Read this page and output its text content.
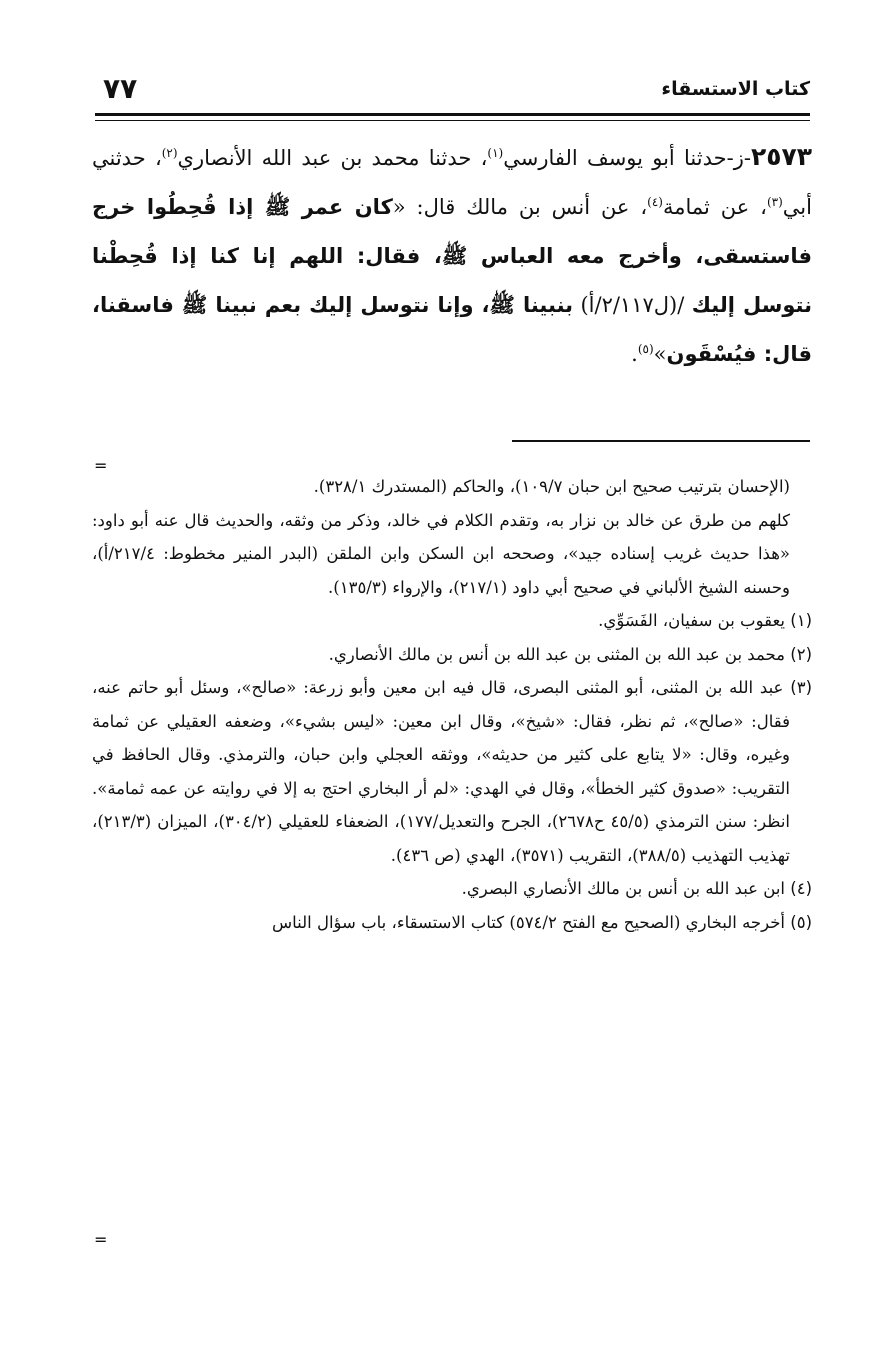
٧٧	كتاب الاستسقاء

٢٥٧٣-ز-حدثنا أبو يوسف الفارسي$^{(١)}$، حدثنا محمد بن عبد الله الأنصاري$^{(٢)}$، حدثني أبي$^{(٣)}$، عن ثمامة$^{(٤)}$، عن أنس بن مالك قال: «كان عمر ﷺ إذا قُحِطُوا خرج فاستسقى، وأخرج معه العباس ﷺ، فقال: اللهم إنا كنا إذا قُحِطْنا نتوسل إليك /(ل٢/١١٧/أ) بنبينا ﷺ، وإنا نتوسل إليك بعم نبينا ﷺ فاسقنا، قال: فيُسْقَون»$^{(٥)}$.

=

(الإحسان بترتيب صحيح ابن حبان ١٠٩/٧)، والحاكم (المستدرك ٣٢٨/١).

كلهم من طرق عن خالد بن نزار به، وتقدم الكلام في خالد، وذكر من وثقه، والحديث قال عنه أبو داود: «هذا حديث غريب إسناده جيد»، وصححه ابن السكن وابن الملقن (البدر المنير مخطوط: ٢١٧/٤/أ)، وحسنه الشيخ الألباني في صحيح أبي داود (٢١٧/١)، والإرواء (١٣٥/٣).

(١) يعقوب بن سفيان، الفَسَوِّي.

(٢) محمد بن عبد الله بن المثنى بن عبد الله بن أنس بن مالك الأنصاري.

(٣) عبد الله بن المثنى، أبو المثنى البصرى، قال فيه ابن معين وأبو زرعة: «صالح»، وسئل أبو حاتم عنه، فقال: «صالح»، ثم نظر، فقال: «شيخ»، وقال ابن معين: «ليس بشيء»، وضعفه العقيلي عن ثمامة وغيره، وقال: «لا يتابع على كثير من حديثه»، ووثقه العجلي وابن حبان، والترمذي. وقال الحافظ في التقريب: «صدوق كثير الخطأ»، وقال في الهدي: «لم أر البخاري احتج به إلا في روايته عن عمه ثمامة». انظر: سنن الترمذي (٤٥/٥ ح٢٦٧٨)، الجرح والتعديل/١٧٧)، الضعفاء للعقيلي (٣٠٤/٢)، الميزان (٢١٣/٣)، تهذيب التهذيب (٣٨٨/٥)، التقريب (٣٥٧١)، الهدي (ص ٤٣٦).

(٤) ابن عبد الله بن أنس بن مالك الأنصاري البصري.

(٥) أخرجه البخاري (الصحيح مع الفتح ٥٧٤/٢) كتاب الاستسقاء، باب سؤال الناس

=
